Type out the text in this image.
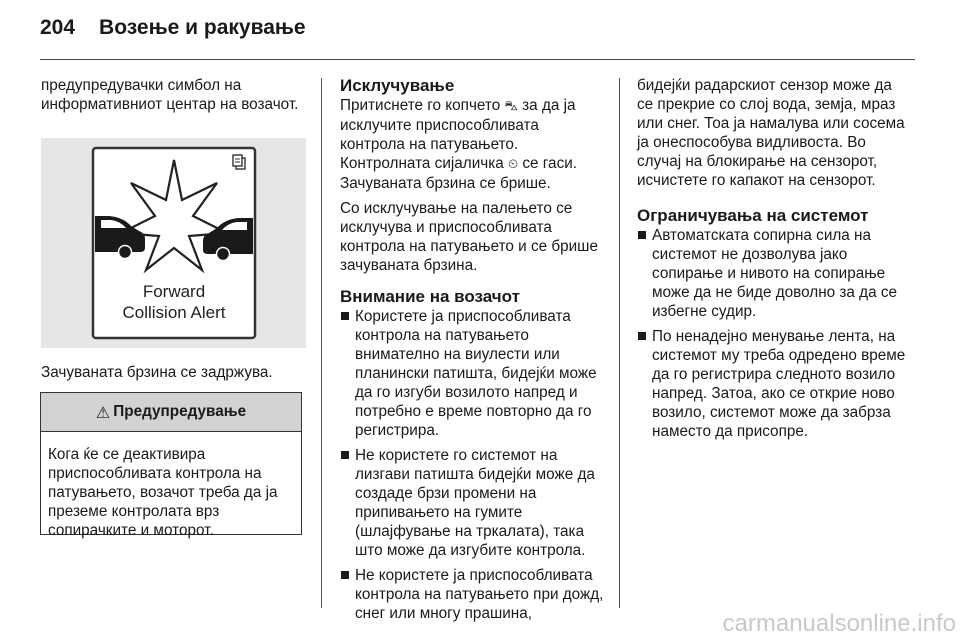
204 Возење и ракување

предупредувачки симбол на информативниот центар на возачот.

Forward
Collision Alert
Зачуваната брзина се задржува.
⚠ Предупредување
Кога ќе се деактивира приспособливата контрола на патувањето, возачот треба да ја преземе контролата врз сопирачките и моторот.
Исклучување

Притиснете го копчето ⛍ за да ја исклучите приспособливата контрола на патувањето. Контролната сијаличка ⏲ се гаси. Зачуваната брзина се брише.

Со исклучување на палењето се исклучува и приспособливата контрола на патувањето и се брише зачуваната брзина.

Внимание на возачот
Користете ја приспособливата контрола на патувањето внимателно на виулести или планински патишта, бидејќи може да го изгуби возилото напред и потребно е време повторно да го регистрира.
Не користете го системот на лизгави патишта бидејќи може да создаде брзи промени на припивањето на гумите (шлајфување на тркалата), така што може да изгубите контрола.
Не користете ја приспособливата контрола на патувањето при дожд, снег или многу прашина,

бидејќи радарскиот сензор може да се прекрие со слој вода, земја, мраз или снег. Тоа ја намалува или сосема ја онеспособува видливоста. Во случај на блокирање на сензорот, исчистете го капакот на сензорот.

Ограничувања на системот
Автоматската сопирна сила на системот не дозволува јако сопирање и нивото на сопирање може да не биде доволно за да се избегне судир.
По ненадејно менување лента, на системот му треба одредено време да го регистрира следното возило напред. Затоа, ако се открие ново возило, системот може да забрза наместо да присопре.
carmanualsonline.info
